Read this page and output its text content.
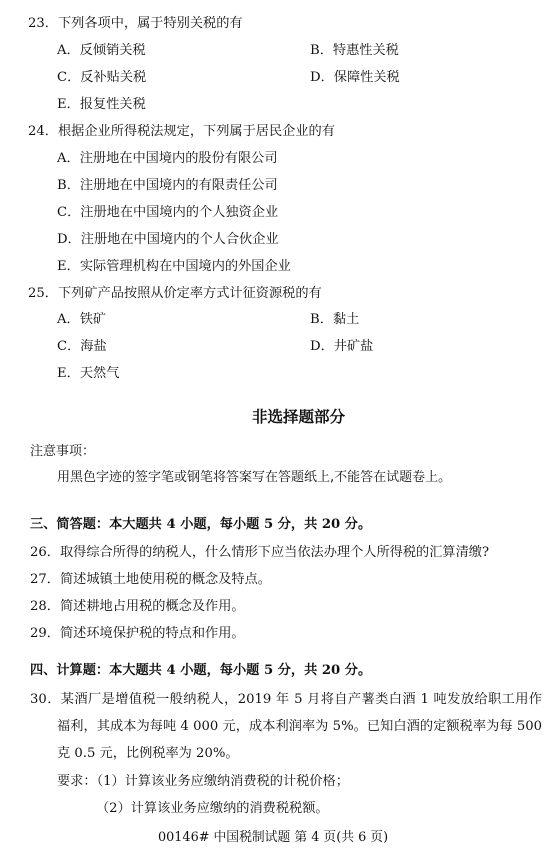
23．下列各项中，属于特别关税的有
A．反倾销关税	B．特惠性关税
C．反补贴关税	D．保障性关税
E．报复性关税
24．根据企业所得税法规定，下列属于居民企业的有
A．注册地在中国境内的股份有限公司
B．注册地在中国境内的有限责任公司
C．注册地在中国境内的个人独资企业
D．注册地在中国境内的个人合伙企业
E．实际管理机构在中国境内的外国企业
25．下列矿产品按照从价定率方式计征资源税的有
A．铁矿	B．黏土
C．海盐	D．井矿盐
E．天然气
非选择题部分
注意事项：
用黑色字迹的签字笔或钢笔将答案写在答题纸上,不能答在试题卷上。
三、简答题：本大题共 4 小题，每小题 5 分，共 20 分。
26．取得综合所得的纳税人，什么情形下应当依法办理个人所得税的汇算清缴?
27．简述城镇土地使用税的概念及特点。
28．简述耕地占用税的概念及作用。
29．简述环境保护税的特点和作用。
四、计算题：本大题共 4 小题，每小题 5 分，共 20 分。
30．某酒厂是增值税一般纳税人，2019 年 5 月将自产薯类白酒 1 吨发放给职工用作
福利，其成本为每吨 4 000 元，成本利润率为 5%。已知白酒的定额税率为每 500
克 0.5 元，比例税率为 20%。
要求：（1）计算该业务应缴纳消费税的计税价格；
（2）计算该业务应缴纳的消费税税额。
00146# 中国税制试题 第 4 页(共 6 页)
